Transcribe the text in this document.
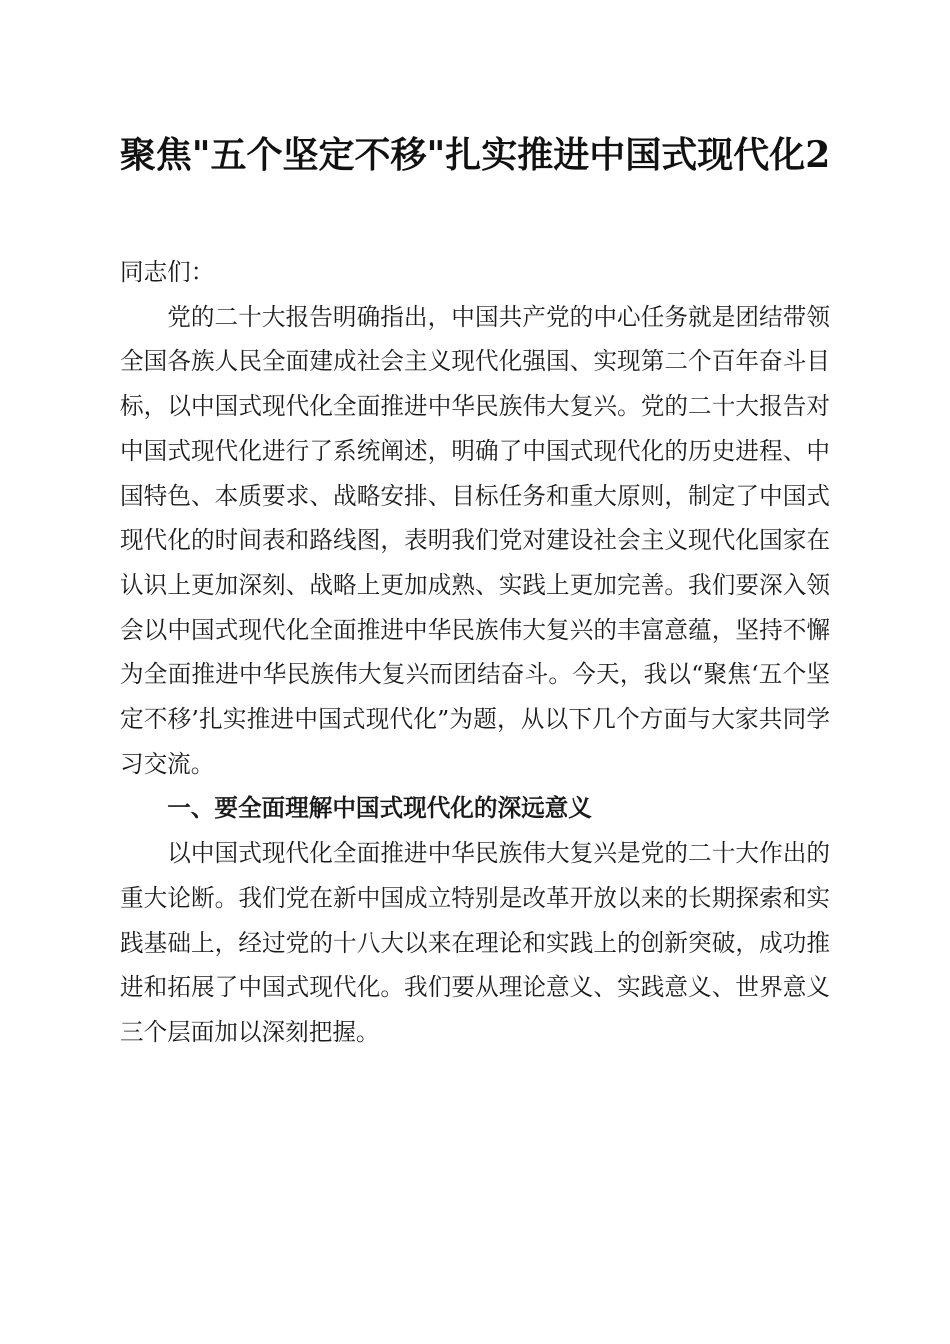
聚焦"五个坚定不移"扎实推进中国式现代化2

同志们：

党的二十大报告明确指出，中国共产党的中心任务就是团结带领全国各族人民全面建成社会主义现代化强国、实现第二个百年奋斗目标，以中国式现代化全面推进中华民族伟大复兴。党的二十大报告对中国式现代化进行了系统阐述，明确了中国式现代化的历史进程、中国特色、本质要求、战略安排、目标任务和重大原则，制定了中国式现代化的时间表和路线图，表明我们党对建设社会主义现代化国家在认识上更加深刻、战略上更加成熟、实践上更加完善。我们要深入领会以中国式现代化全面推进中华民族伟大复兴的丰富意蕴，坚持不懈为全面推进中华民族伟大复兴而团结奋斗。今天，我以“聚焦‘五个坚定不移’扎实推进中国式现代化”为题，从以下几个方面与大家共同学习交流。

一、要全面理解中国式现代化的深远意义

以中国式现代化全面推进中华民族伟大复兴是党的二十大作出的重大论断。我们党在新中国成立特别是改革开放以来的长期探索和实践基础上，经过党的十八大以来在理论和实践上的创新突破，成功推进和拓展了中国式现代化。我们要从理论意义、实践意义、世界意义三个层面加以深刻把握。
